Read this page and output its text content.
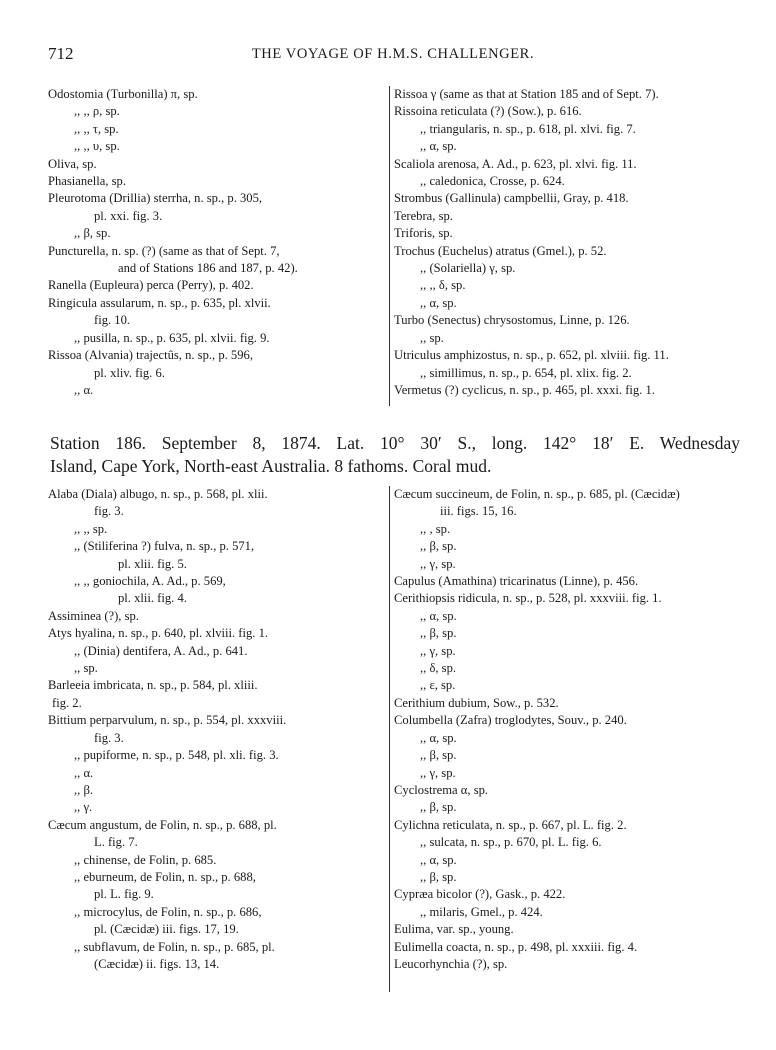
712	THE VOYAGE OF H.M.S. CHALLENGER.
Odostomia (Turbonilla) π, sp.
,, ,, ρ, sp.
,, ,, τ, sp.
,, ,, υ, sp.
Oliva, sp.
Phasianella, sp.
Pleurotoma (Drillia) sterrha, n. sp., p. 305,
pl. xxi. fig. 3.
,, β, sp.
Puncturella, n. sp. (?) (same as that of Sept. 7,
and of Stations 186 and 187, p. 42).
Ranella (Eupleura) perca (Perry), p. 402.
Ringicula assularum, n. sp., p. 635, pl. xlvii.
fig. 10.
,, pusilla, n. sp., p. 635, pl. xlvii. fig. 9.
Rissoa (Alvania) trajectûs, n. sp., p. 596,
pl. xliv. fig. 6.
,, α.
Rissoa γ (same as that at Station 185 and of Sept. 7).
Rissoina reticulata (?) (Sow.), p. 616.
,, triangularis, n. sp., p. 618, pl. xlvi. fig. 7.
,, α, sp.
Scaliola arenosa, A. Ad., p. 623, pl. xlvi. fig. 11.
,, caledonica, Crosse, p. 624.
Strombus (Gallinula) campbellii, Gray, p. 418.
Terebra, sp.
Triforis, sp.
Trochus (Euchelus) atratus (Gmel.), p. 52.
,, (Solariella) γ, sp.
,, ,, δ, sp.
,, α, sp.
Turbo (Senectus) chrysostomus, Linne, p. 126.
,, sp.
Utriculus amphizostus, n. sp., p. 652, pl. xlviii. fig. 11.
,, simillimus, n. sp., p. 654, pl. xlix. fig. 2.
Vermetus (?) cyclicus, n. sp., p. 465, pl. xxxi. fig. 1.
Station 186. September 8, 1874. Lat. 10° 30′ S., long. 142° 18′ E. Wednesday
Island, Cape York, North-east Australia. 8 fathoms. Coral mud.
Alaba (Diala) albugo, n. sp., p. 568, pl. xlii.
fig. 3.
,, ,, sp.
,, (Stiliferina ?) fulva, n. sp., p. 571,
pl. xlii. fig. 5.
,, ,, goniochila, A. Ad., p. 569,
pl. xlii. fig. 4.
Assiminea (?), sp.
Atys hyalina, n. sp., p. 640, pl. xlviii. fig. 1.
,, (Dinia) dentifera, A. Ad., p. 641.
,, sp.
Barleeia imbricata, n. sp., p. 584, pl. xliii.
fig. 2.
Bittium perparvulum, n. sp., p. 554, pl. xxxviii.
fig. 3.
,, pupiforme, n. sp., p. 548, pl. xli. fig. 3.
,, α.
,, β.
,, γ.
Cæcum angustum, de Folin, n. sp., p. 688, pl.
L. fig. 7.
,, chinense, de Folin, p. 685.
,, eburneum, de Folin, n. sp., p. 688,
pl. L. fig. 9.
,, microcylus, de Folin, n. sp., p. 686,
pl. (Cæcidæ) iii. figs. 17, 19.
,, subflavum, de Folin, n. sp., p. 685, pl.
(Cæcidæ) ii. figs. 13, 14.
Cæcum succineum, de Folin, n. sp., p. 685, pl. (Cæcidæ)
iii. figs. 15, 16.
,, , sp.
,, β, sp.
,, γ, sp.
Capulus (Amathina) tricarinatus (Linne), p. 456.
Cerithiopsis ridicula, n. sp., p. 528, pl. xxxviii. fig. 1.
,, α, sp.
,, β, sp.
,, γ, sp.
,, δ, sp.
,, ε, sp.
Cerithium dubium, Sow., p. 532.
Columbella (Zafra) troglodytes, Souv., p. 240.
,, α, sp.
,, β, sp.
,, γ, sp.
Cyclostrema α, sp.
,, β, sp.
Cylichna reticulata, n. sp., p. 667, pl. L. fig. 2.
,, sulcata, n. sp., p. 670, pl. L. fig. 6.
,, α, sp.
,, β, sp.
Cypræa bicolor (?), Gask., p. 422.
,, milaris, Gmel., p. 424.
Eulima, var. sp., young.
Eulimella coacta, n. sp., p. 498, pl. xxxiii. fig. 4.
Leucorhynchia (?), sp.
